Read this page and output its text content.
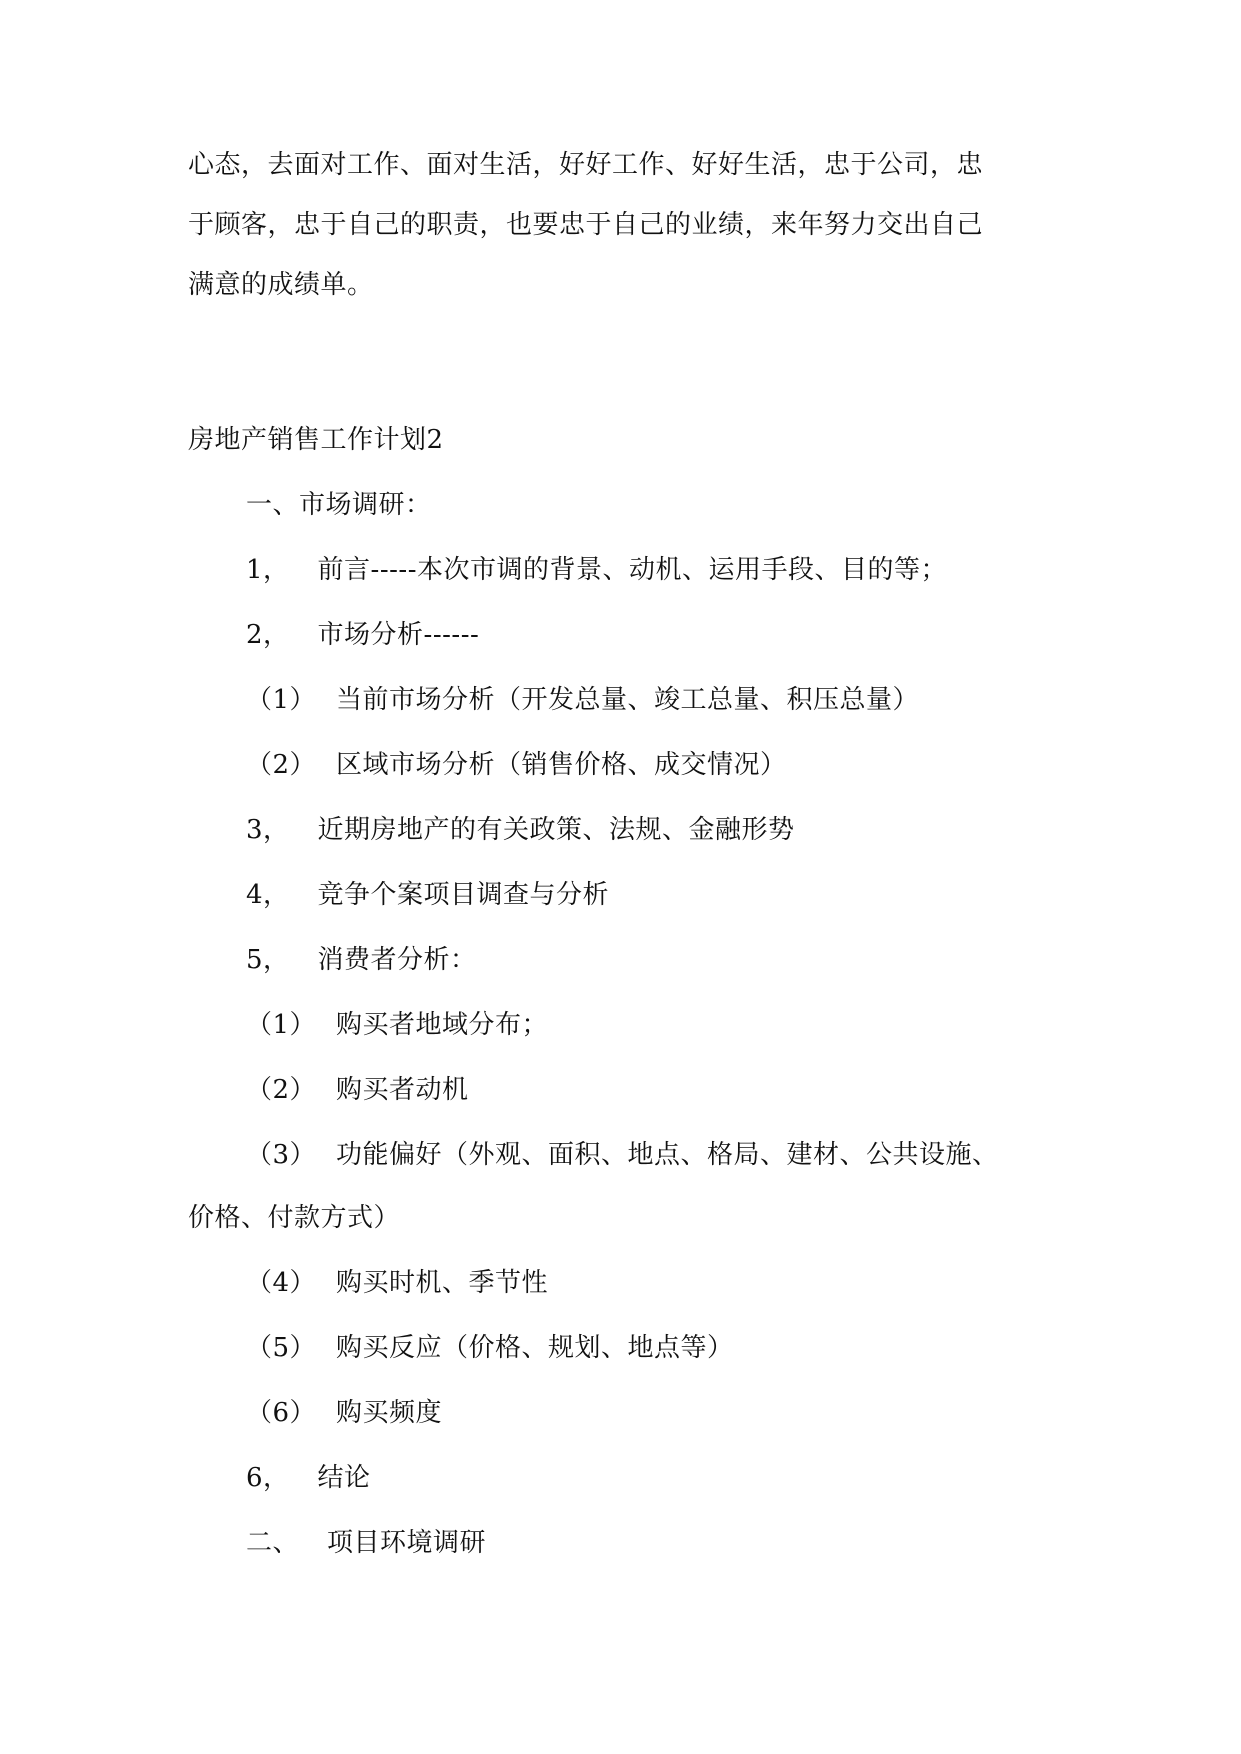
心态，去面对工作、面对生活，好好工作、好好生活，忠于公司，忠
于顾客，忠于自己的职责，也要忠于自己的业绩，来年努力交出自己
满意的成绩单。
房地产销售工作计划2
一、市场调研：
1， 前言-----本次市调的背景、动机、运用手段、目的等；
2， 市场分析------
（1） 当前市场分析（开发总量、竣工总量、积压总量）
（2） 区域市场分析（销售价格、成交情况）
3， 近期房地产的有关政策、法规、金融形势
4， 竞争个案项目调查与分析
5， 消费者分析：
（1） 购买者地域分布；
（2） 购买者动机
（3） 功能偏好（外观、面积、地点、格局、建材、公共设施、
价格、付款方式）
（4） 购买时机、季节性
（5） 购买反应（价格、规划、地点等）
（6） 购买频度
6， 结论
二、 项目环境调研
